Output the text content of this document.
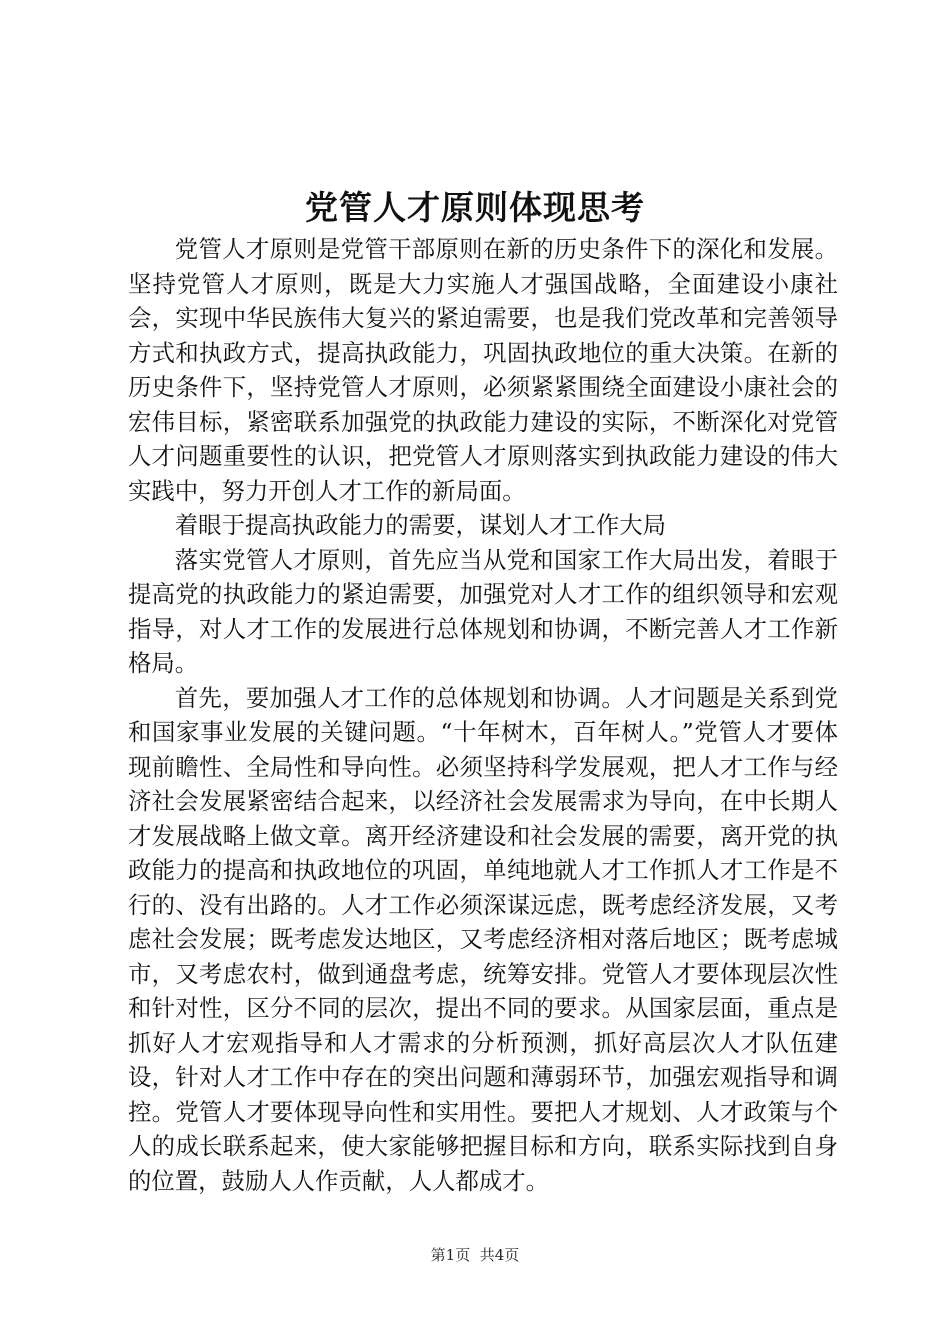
党管人才原则体现思考

党管人才原则是党管干部原则在新的历史条件下的深化和发展。坚持党管人才原则，既是大力实施人才强国战略，全面建设小康社会，实现中华民族伟大复兴的紧迫需要，也是我们党改革和完善领导方式和执政方式，提高执政能力，巩固执政地位的重大决策。在新的历史条件下，坚持党管人才原则，必须紧紧围绕全面建设小康社会的宏伟目标，紧密联系加强党的执政能力建设的实际，不断深化对党管人才问题重要性的认识，把党管人才原则落实到执政能力建设的伟大实践中，努力开创人才工作的新局面。

着眼于提高执政能力的需要，谋划人才工作大局

落实党管人才原则，首先应当从党和国家工作大局出发，着眼于提高党的执政能力的紧迫需要，加强党对人才工作的组织领导和宏观指导，对人才工作的发展进行总体规划和协调，不断完善人才工作新格局。

首先，要加强人才工作的总体规划和协调。人才问题是关系到党和国家事业发展的关键问题。“十年树木，百年树人。”党管人才要体现前瞻性、全局性和导向性。必须坚持科学发展观，把人才工作与经济社会发展紧密结合起来，以经济社会发展需求为导向，在中长期人才发展战略上做文章。离开经济建设和社会发展的需要，离开党的执政能力的提高和执政地位的巩固，单纯地就人才工作抓人才工作是不行的、没有出路的。人才工作必须深谋远虑，既考虑经济发展，又考虑社会发展；既考虑发达地区，又考虑经济相对落后地区；既考虑城市，又考虑农村，做到通盘考虑，统筹安排。党管人才要体现层次性和针对性，区分不同的层次，提出不同的要求。从国家层面，重点是抓好人才宏观指导和人才需求的分析预测，抓好高层次人才队伍建设，针对人才工作中存在的突出问题和薄弱环节，加强宏观指导和调控。党管人才要体现导向性和实用性。要把人才规划、人才政策与个人的成长联系起来，使大家能够把握目标和方向，联系实际找到自身的位置，鼓励人人作贡献，人人都成才。

第1页 共4页
